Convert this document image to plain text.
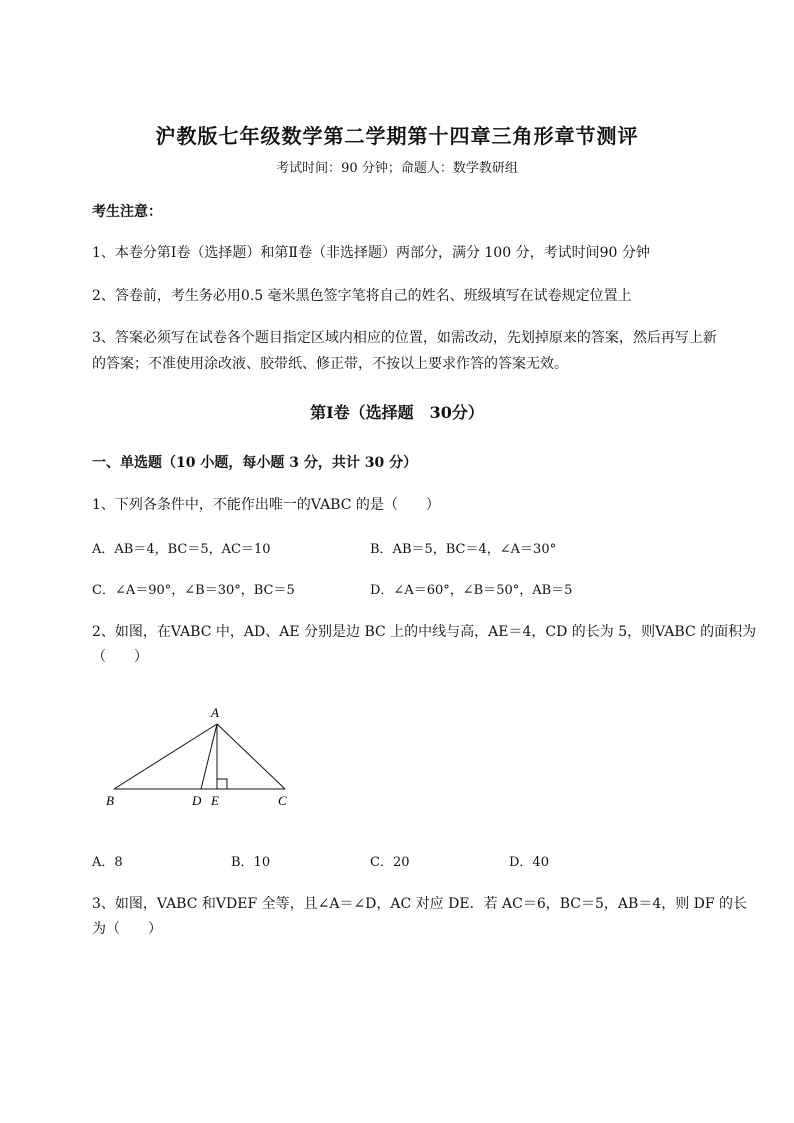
沪教版七年级数学第二学期第十四章三角形章节测评
考试时间：90 分钟；命题人：数学教研组
考生注意：
1、本卷分第Ⅰ卷（选择题）和第Ⅱ卷（非选择题）两部分，满分 100 分，考试时间90 分钟
2、答卷前，考生务必用0.5 毫米黑色签字笔将自己的姓名、班级填写在试卷规定位置上
3、答案必须写在试卷各个题目指定区域内相应的位置，如需改动，先划掉原来的答案，然后再写上新
的答案；不准使用涂改液、胶带纸、修正带，不按以上要求作答的答案无效。
第Ⅰ卷（选择题　30分）
一、单选题（10 小题，每小题 3 分，共计 30 分）
1、下列各条件中，不能作出唯一的VABC 的是（　　）
A．AB＝4，BC＝5，AC＝10	B．AB＝5，BC＝4，∠A＝30°
C．∠A＝90°，∠B＝30°，BC＝5	D．∠A＝60°，∠B＝50°，AB＝5
2、如图，在VABC 中，AD、AE 分别是边 BC 上的中线与高，AE＝4，CD 的长为 5，则VABC 的面积为
（　　）
A
B	D E	C
A．8	B．10	C．20	D．40
3、如图，VABC 和VDEF 全等，且∠A＝∠D，AC 对应 DE．若 AC＝6，BC＝5，AB＝4，则 DF 的长
为（　　）
